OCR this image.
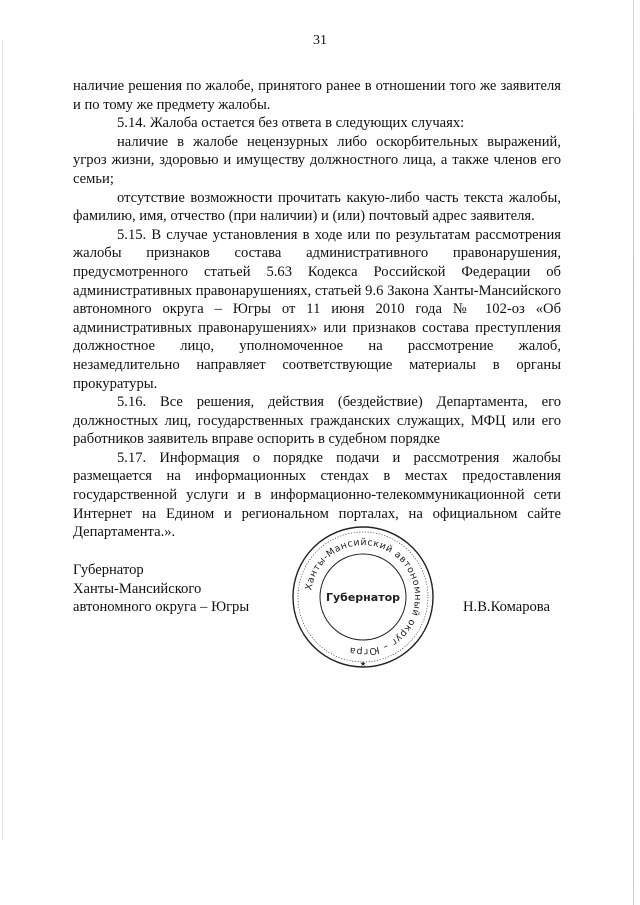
31

наличие решения по жалобе, принятого ранее в отношении того же заявителя и по тому же предмету жалобы.

5.14. Жалоба остается без ответа в следующих случаях:

наличие в жалобе нецензурных либо оскорбительных выражений, угроз жизни, здоровью и имуществу должностного лица, а также членов его семьи;

отсутствие возможности прочитать какую-либо часть текста жалобы, фамилию, имя, отчество (при наличии) и (или) почтовый адрес заявителя.

5.15. В случае установления в ходе или по результатам рассмотрения жалобы признаков состава административного правонарушения, предусмотренного статьей 5.63 Кодекса Российской Федерации об административных правонарушениях, статьей 9.6 Закона Ханты-Мансийского автономного округа – Югры от 11 июня 2010 года № 102-оз «Об административных правонарушениях» или признаков состава преступления должностное лицо, уполномоченное на рассмотрение жалоб, незамедлительно направляет соответствующие материалы в органы прокуратуры.

5.16. Все решения, действия (бездействие) Департамента, его должностных лиц, государственных гражданских служащих, МФЦ или его работников заявитель вправе оспорить в судебном порядке

5.17. Информация о порядке подачи и рассмотрения жалобы размещается на информационных стендах в местах предоставления государственной услуги и в информационно-телекоммуникационной сети Интернет на Едином и региональном порталах, на официальном сайте Департамента.».

Губернатор
Ханты-Мансийского
автономного округа – Югры
Ханты-Мансийский автономный округ – Югра
Губернатор
★
Н.В.Комарова
